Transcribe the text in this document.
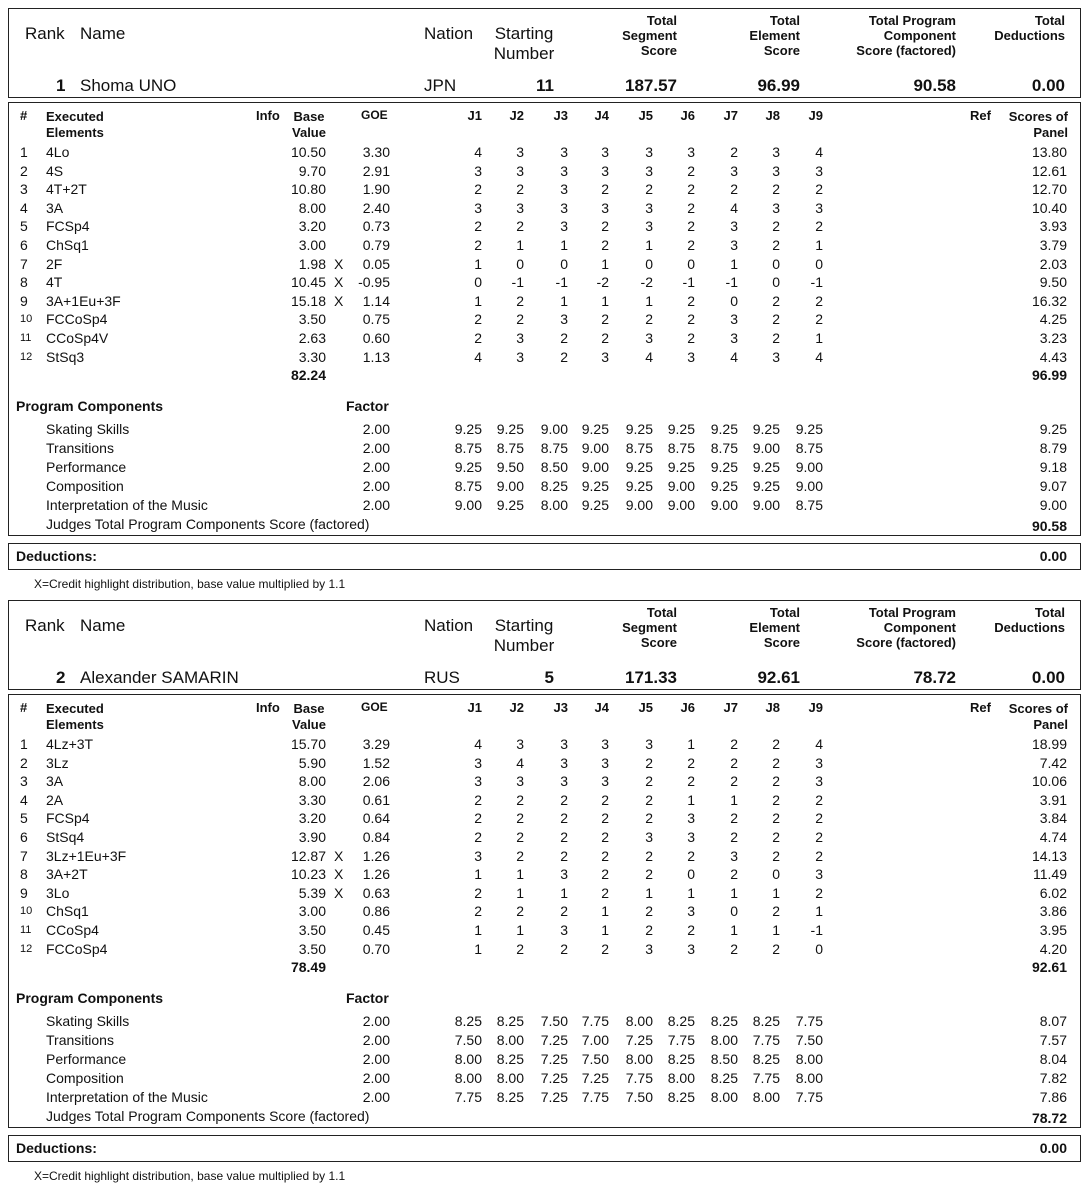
Rank Name	Nation	Starting Number
Total Segment Score
Total Element Score
Total Program Component Score (factored)
Total Deductions
1 Shoma UNO	JPN	11	187.57	96.99	90.58	0.00
# Executed Elements
Info	Base Value
GOE	J1	J2	J3	J4	J5	J6	J7	J8	J9	Ref	Scores of Panel
1 4Lo	10.50	3.30	4	3	3	3	3	3	2	3	4	13.80
2 4S	9.70	2.91	3	3	3	3	3	2	3	3	3	12.61
3 4T+2T	10.80	1.90	2	2	3	2	2	2	2	2	2	12.70
4 3A	8.00	2.40	3	3	3	3	3	2	4	3	3	10.40
5 FCSp4	3.20	0.73	2	2	3	2	3	2	3	2	2	3.93
6 ChSq1	3.00	0.79	2	1	1	2	1	2	3	2	1	3.79
7 2F	1.98 X	0.05	1	0	0	1	0	0	1	0	0	2.03
8 4T	10.45 X	-0.95	0	-1	-1	-2	-2	-1	-1	0	-1	9.50
9 3A+1Eu+3F	15.18 X	1.14	1	2	1	1	1	2	0	2	2	16.32
10 FCCoSp4	3.50	0.75	2	2	3	2	2	2	3	2	2	4.25
11 CCoSp4V	2.63	0.60	2	3	2	2	3	2	3	2	1	3.23
12 StSq3	3.30	1.13	4	3	2	3	4	3	4	3	4	4.43
82.24	96.99
Program Components	Factor
Skating Skills	2.00	9.25	9.25	9.00 9.25	9.25	9.25	9.25	9.25	9.25	9.25
Transitions	2.00	8.75	8.75	8.75 9.00	8.75	8.75	8.75	9.00	8.75	8.79
Performance	2.00	9.25	9.50	8.50 9.00	9.25	9.25	9.25	9.25	9.00	9.18
Composition	2.00	8.75	9.00	8.25 9.25	9.25	9.00	9.25	9.25	9.00	9.07
Interpretation of the Music	2.00	9.00	9.25	8.00 9.25	9.00	9.00	9.00	9.00	8.75	9.00
Judges Total Program Components Score (factored)	90.58
Deductions:	0.00
X=Credit highlight distribution, base value multiplied by 1.1
Rank Name	Nation	Starting Number
Total Segment Score
Total Element Score
Total Program Component Score (factored)
Total Deductions
2 Alexander SAMARIN	RUS	5	171.33	92.61	78.72	0.00
# Executed Elements
Info	Base Value
GOE	J1	J2	J3	J4	J5	J6	J7	J8	J9	Ref	Scores of Panel
1 4Lz+3T	15.70	3.29	4	3	3	3	3	1	2	2	4	18.99
2 3Lz	5.90	1.52	3	4	3	3	2	2	2	2	3	7.42
3 3A	8.00	2.06	3	3	3	3	2	2	2	2	3	10.06
4 2A	3.30	0.61	2	2	2	2	2	1	1	2	2	3.91
5 FCSp4	3.20	0.64	2	2	2	2	2	3	2	2	2	3.84
6 StSq4	3.90	0.84	2	2	2	2	3	3	2	2	2	4.74
7 3Lz+1Eu+3F	12.87 X	1.26	3	2	2	2	2	2	3	2	2	14.13
8 3A+2T	10.23 X	1.26	1	1	3	2	2	0	2	0	3	11.49
9 3Lo	5.39 X	0.63	2	1	1	2	1	1	1	1	2	6.02
10 ChSq1	3.00	0.86	2	2	2	1	2	3	0	2	1	3.86
11 CCoSp4	3.50	0.45	1	1	3	1	2	2	1	1	-1	3.95
12 FCCoSp4	3.50	0.70	1	2	2	2	3	3	2	2	0	4.20
78.49	92.61
Program Components	Factor
Skating Skills	2.00	8.25	8.25	7.50 7.75	8.00	8.25	8.25	8.25	7.75	8.07
Transitions	2.00	7.50	8.00	7.25 7.00	7.25	7.75	8.00	7.75	7.50	7.57
Performance	2.00	8.00	8.25	7.25 7.50	8.00	8.25	8.50	8.25	8.00	8.04
Composition	2.00	8.00	8.00	7.25 7.25	7.75	8.00	8.25	7.75	8.00	7.82
Interpretation of the Music	2.00	7.75	8.25	7.25 7.75	7.50	8.25	8.00	8.00	7.75	7.86
Judges Total Program Components Score (factored)	78.72
Deductions:	0.00
X=Credit highlight distribution, base value multiplied by 1.1
